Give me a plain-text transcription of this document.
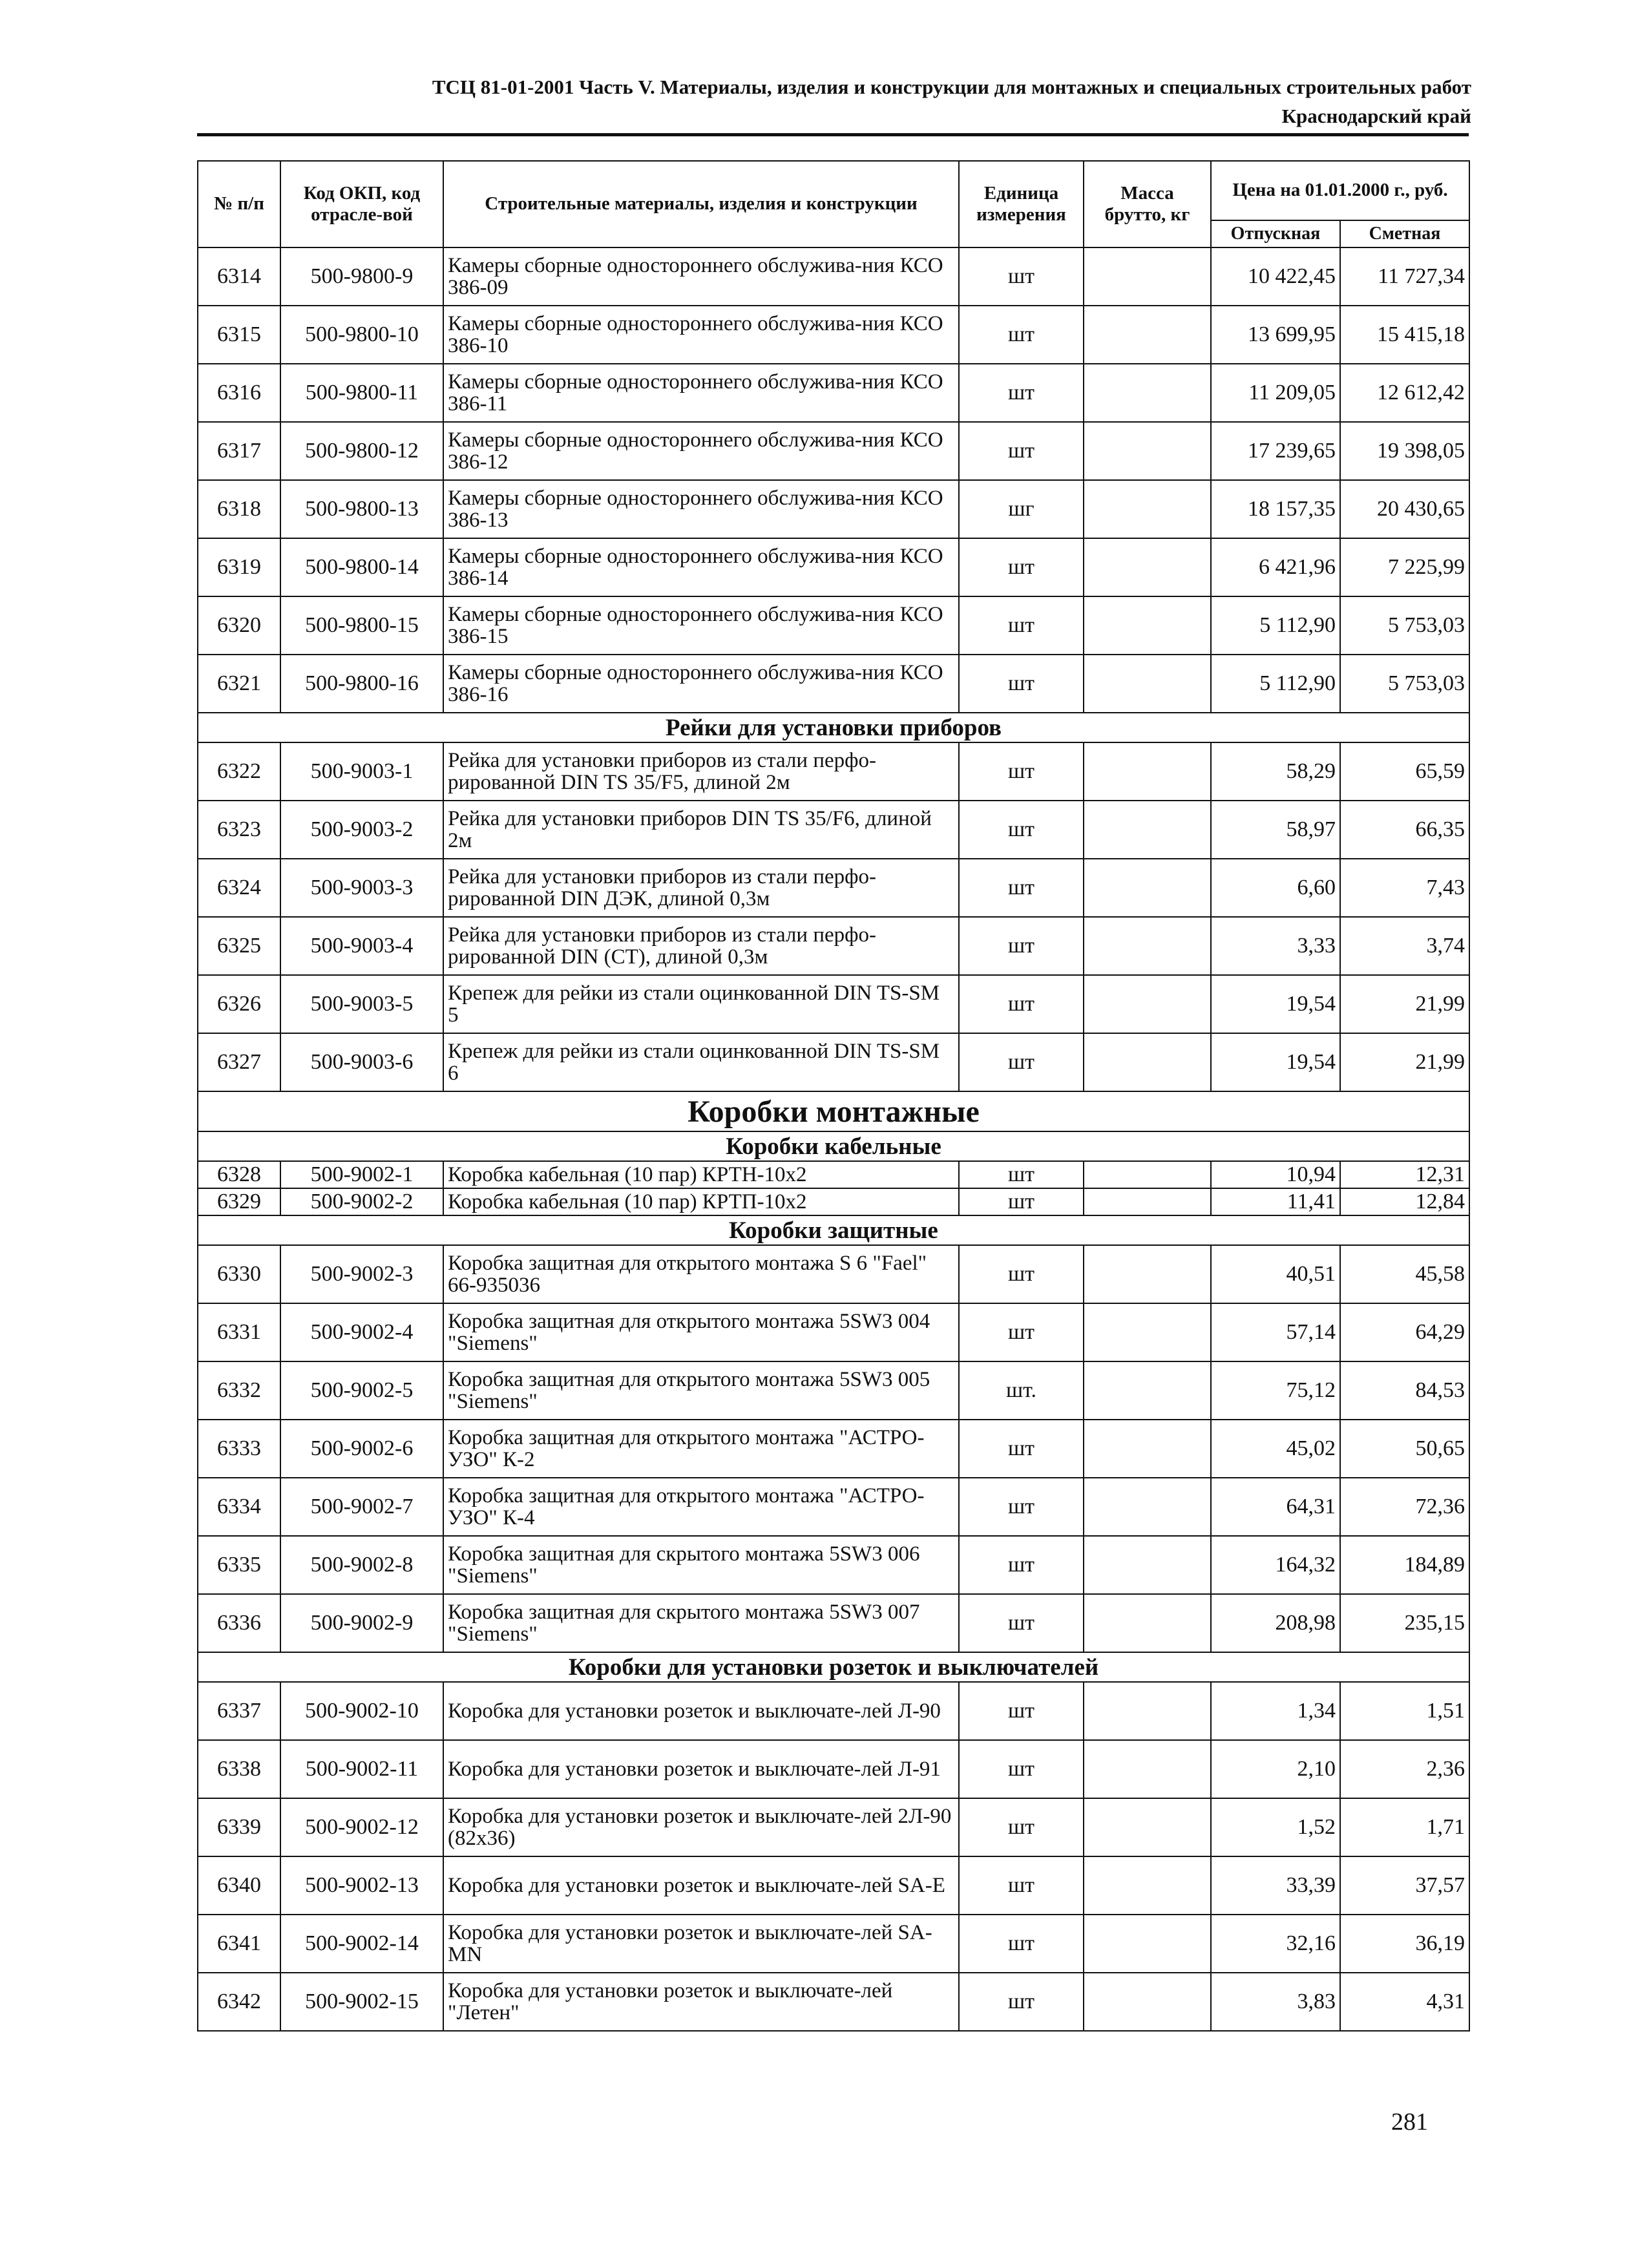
ТСЦ 81-01-2001 Часть V. Материалы, изделия и конструкции для монтажных и специальных строительных работ
Краснодарский край
№ п/п	Код ОКП, код отрасле-вой	Строительные материалы, изделия и конструкции	Единица измерения	Масса брутто, кг	Цена на 01.01.2000 г., руб.	
					Отпускная	Сметная
6314	500-9800-9	Камеры сборные одностороннего обслужива-ния КСО 386-09	шт		10 422,45	11 727,34
6315	500-9800-10	Камеры сборные одностороннего обслужива-ния КСО 386-10	шт		13 699,95	15 415,18
6316	500-9800-11	Камеры сборные одностороннего обслужива-ния КСО 386-11	шт		11 209,05	12 612,42
6317	500-9800-12	Камеры сборные одностороннего обслужива-ния КСО 386-12	шт		17 239,65	19 398,05
6318	500-9800-13	Камеры сборные одностороннего обслужива-ния КСО 386-13	шг		18 157,35	20 430,65
6319	500-9800-14	Камеры сборные одностороннего обслужива-ния КСО 386-14	шт		6 421,96	7 225,99
6320	500-9800-15	Камеры сборные одностороннего обслужива-ния КСО 386-15	шт		5 112,90	5 753,03
6321	500-9800-16	Камеры сборные одностороннего обслужива-ния КСО 386-16	шт		5 112,90	5 753,03
Рейки для установки приборов						
6322	500-9003-1	Рейка для установки приборов из стали перфо-рированной DIN TS 35/F5, длиной 2м	шт		58,29	65,59
6323	500-9003-2	Рейка для установки приборов DIN TS 35/F6, длиной 2м	шт		58,97	66,35
6324	500-9003-3	Рейка для установки приборов из стали перфо-рированной DIN ДЭК, длиной 0,3м	шт		6,60	7,43
6325	500-9003-4	Рейка для установки приборов из стали перфо-рированной DIN (СТ), длиной 0,3м	шт		3,33	3,74
6326	500-9003-5	Крепеж для рейки из стали оцинкованной DIN TS-SM 5	шт		19,54	21,99
6327	500-9003-6	Крепеж для рейки из стали оцинкованной DIN TS-SM 6	шт		19,54	21,99
Коробки монтажные						
Коробки кабельные						
6328	500-9002-1	Коробка кабельная (10 пар) КРТН-10х2	шт		10,94	12,31
6329	500-9002-2	Коробка кабельная (10 пар) КРТП-10х2	шт		11,41	12,84
Коробки защитные						
6330	500-9002-3	Коробка защитная для открытого монтажа S 6 "Fael" 66-935036	шт		40,51	45,58
6331	500-9002-4	Коробка защитная для открытого монтажа 5SW3 004 "Siemens"	шт		57,14	64,29
6332	500-9002-5	Коробка защитная для открытого монтажа 5SW3 005 "Siemens"	шт.		75,12	84,53
6333	500-9002-6	Коробка защитная для открытого монтажа "АСТРО-УЗО" К-2	шт		45,02	50,65
6334	500-9002-7	Коробка защитная для открытого монтажа "АСТРО-УЗО" К-4	шт		64,31	72,36
6335	500-9002-8	Коробка защитная для скрытого монтажа 5SW3 006 "Siemens"	шт		164,32	184,89
6336	500-9002-9	Коробка защитная для скрытого монтажа 5SW3 007 "Siemens"	шт		208,98	235,15
Коробки для установки розеток и выключателей						
6337	500-9002-10	Коробка для установки розеток и выключате-лей Л-90	шт		1,34	1,51
6338	500-9002-11	Коробка для установки розеток и выключате-лей Л-91	шт		2,10	2,36
6339	500-9002-12	Коробка для установки розеток и выключате-лей 2Л-90 (82х36)	шт		1,52	1,71
6340	500-9002-13	Коробка для установки розеток и выключате-лей SA-E	шт		33,39	37,57
6341	500-9002-14	Коробка для установки розеток и выключате-лей SA-MN	шт		32,16	36,19
6342	500-9002-15	Коробка для установки розеток и выключате-лей "Летен"	шт		3,83	4,31
281
